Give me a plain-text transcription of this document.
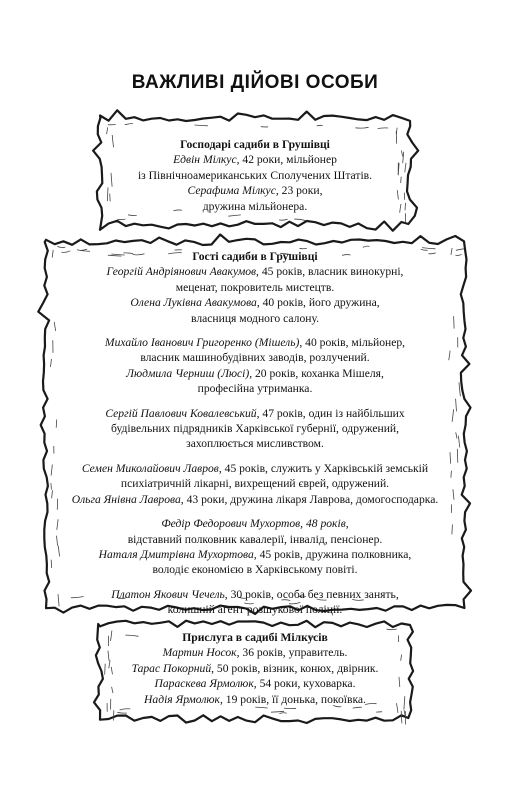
ВАЖЛИВІ ДІЙОВІ ОСОБИ
Господарі садиби в Грушівці
Едвін Мілкус, 42 роки, мільйонер
із Північноамериканських Сполучених Штатів.
Серафима Мілкус, 23 роки,
дружина мільйонера.
Гості садиби в Грушівці
Георгій Андріянович Авакумов, 45 років, власник винокурні,
меценат, покровитель мистецтв.
Олена Луківна Авакумова, 40 років, його дружина,
власниця модного салону.
Михайло Іванович Григоренко (Мішель), 40 років, мільйонер,
власник машинобудівних заводів, розлучений.
Людмила Черниш (Люсі), 20 років, коханка Мішеля,
професійна утриманка.
Сергій Павлович Ковалевський, 47 років, один із найбільших
будівельних підрядників Харківської губернії, одружений,
захоплюється мисливством.
Семен Миколайович Лавров, 45 років, служить у Харківській земській
психіатричній лікарні, вихрещений єврей, одружений.
Ольга Янівна Лаврова, 43 роки, дружина лікаря Лаврова, домогосподарка.
Федір Федорович Мухортов, 48 років,
відставний полковник кавалерії, інвалід, пенсіонер.
Наталя Дмитрівна Мухортова, 45 років, дружина полковника,
володіє економією в Харківському повіті.
Платон Якович Чечель, 30 років, особа без певних занять,
колишній агент розшукової поліції.
Прислуга в садибі Мілкусів
Мартин Носок, 36 років, управитель.
Тарас Покорний, 50 років, візник, конюх, двірник.
Параскева Ярмолюк, 54 роки, куховарка.
Надія Ярмолюк, 19 років, її донька, покоївка.
